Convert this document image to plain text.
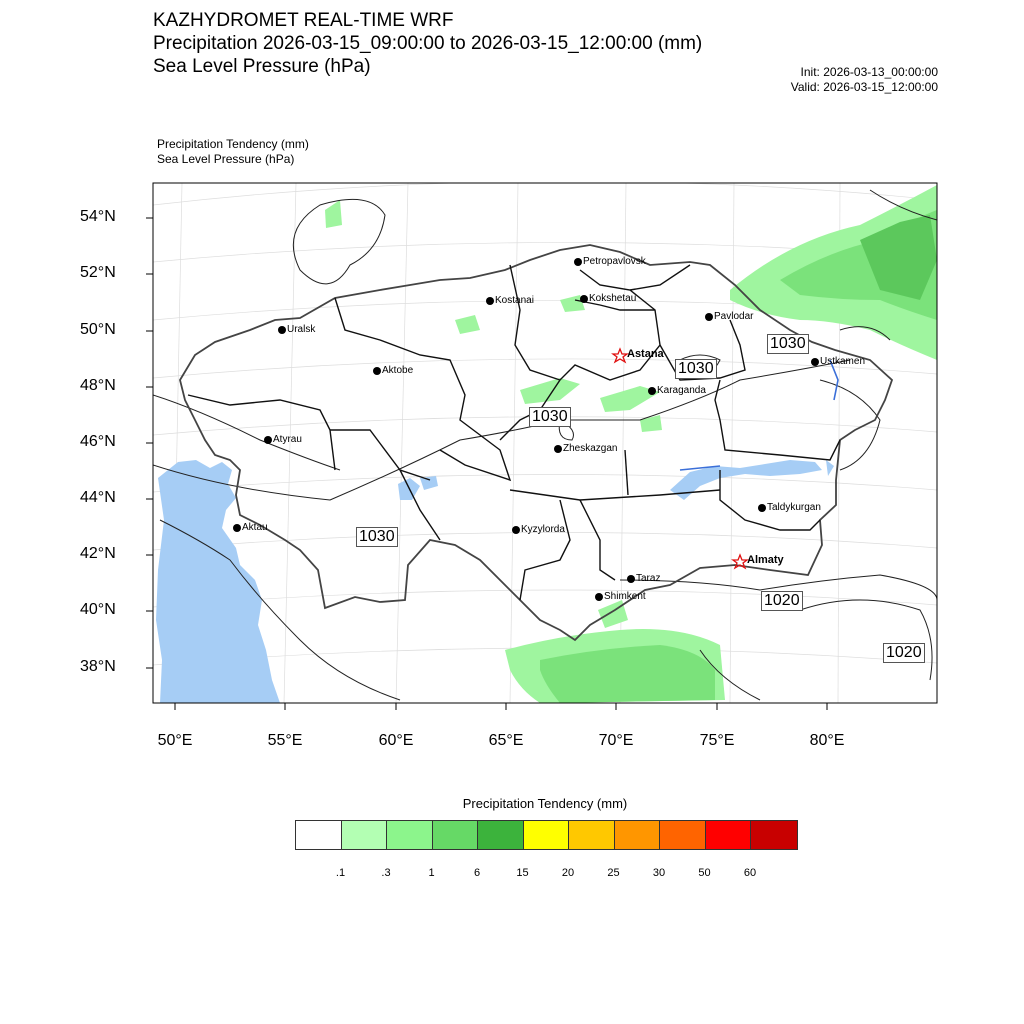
KAZHYDROMET REAL-TIME WRF
Precipitation 2026-03-15_09:00:00 to 2026-03-15_12:00:00 (mm)
Sea Level Pressure (hPa)	Init: 2026-03-13_00:00:00
Valid: 2026-03-15_12:00:00
Precipitation Tendency (mm)
Sea Level Pressure (hPa)
54°N
52°N
50°N
48°N
46°N
44°N
42°N
40°N
38°N
50°E	55°E	60°E	65°E	70°E	75°E	80°E
Petropavlovsk
Kostanai	Kokshetau
Pavlodar
Uralsk
Astana
Ustkamen
Aktobe
Karaganda
Atyrau
Zheskazgan
Taldykurgan
Aktau	Kyzylorda
Almaty
Taraz
Shimkent
1030
1030
1030
1030
1020
1020
Precipitation Tendency (mm)
.1	.3	1	6	15	20	25	30	50	60
